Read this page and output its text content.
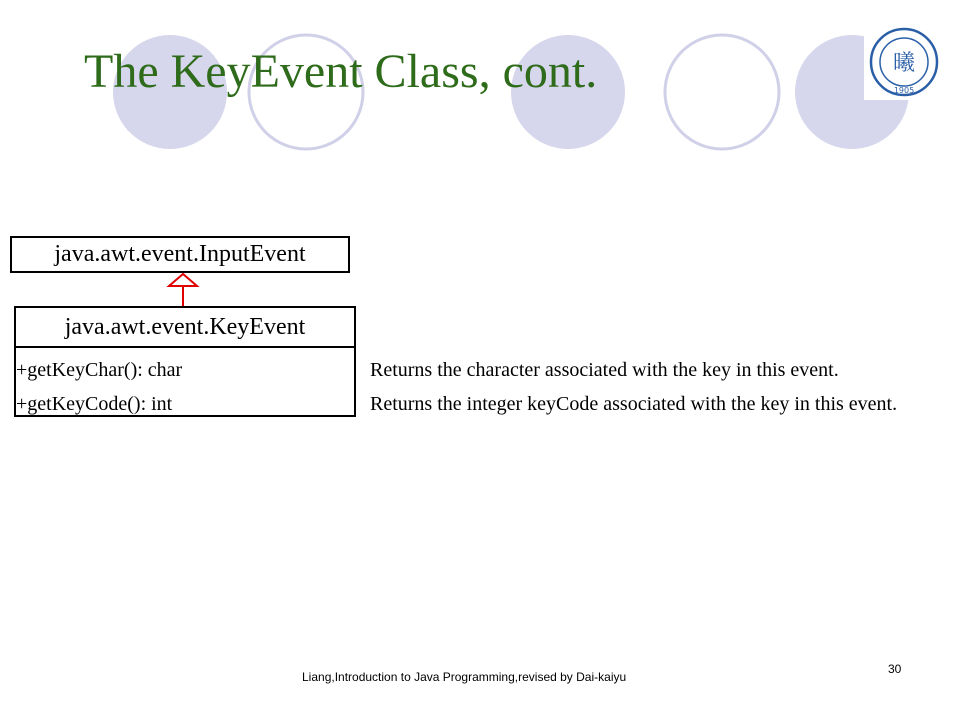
The KeyEvent Class, cont.	曦
1905
java.awt.event.InputEvent
java.awt.event.KeyEvent
+getKeyChar(): char
+getKeyCode(): int
Returns the character associated with the key in this event.
Returns the integer keyCode associated with the key in this event.
Liang,Introduction to Java Programming,revised by Dai-kaiyu
30
